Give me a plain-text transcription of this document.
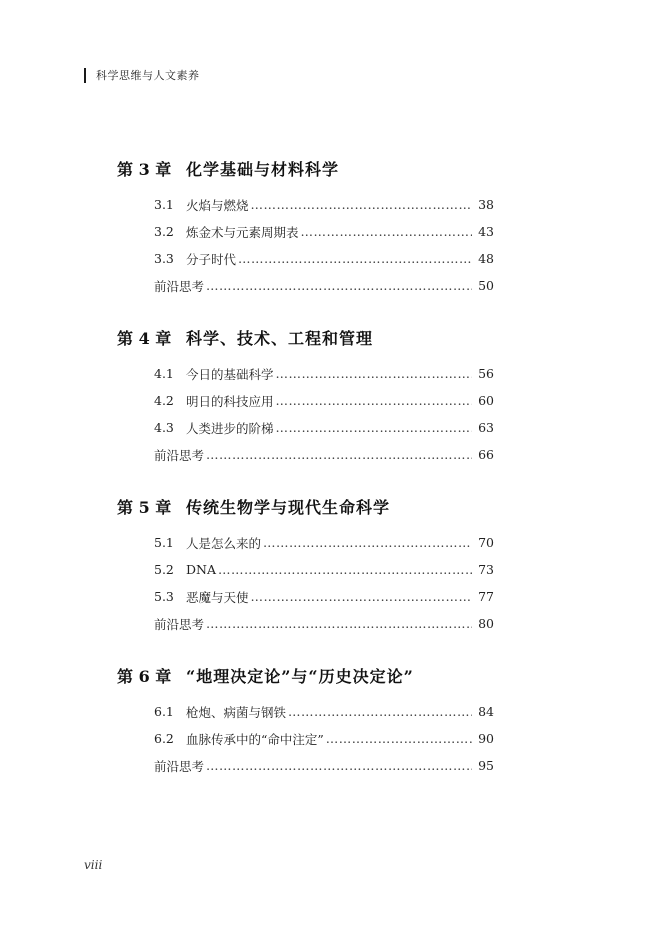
科学思维与人文素养
第 3 章 化学基础与材料科学
3.1 火焰与燃烧 …………………………………………………………………………………………………………………………	38
3.2 炼金术与元素周期表 …………………………………………………………………………………………………………………………	43
3.3 分子时代 …………………………………………………………………………………………………………………………	48
前沿思考 …………………………………………………………………………………………………………………………	50
第 4 章 科学、技术、工程和管理
4.1 今日的基础科学 …………………………………………………………………………………………………………………………	56
4.2 明日的科技应用 …………………………………………………………………………………………………………………………	60
4.3 人类进步的阶梯 …………………………………………………………………………………………………………………………	63
前沿思考 …………………………………………………………………………………………………………………………	66
第 5 章 传统生物学与现代生命科学
5.1 人是怎么来的 …………………………………………………………………………………………………………………………	70
5.2 DNA …………………………………………………………………………………………………………………………	73
5.3 恶魔与天使 …………………………………………………………………………………………………………………………	77
前沿思考 …………………………………………………………………………………………………………………………	80
第 6 章 “地理决定论”与“历史决定论”
6.1 枪炮、病菌与钢铁 …………………………………………………………………………………………………………………………	84
6.2 血脉传承中的“命中注定” …………………………………………………………………………………………………………………………	90
前沿思考 …………………………………………………………………………………………………………………………	95
viii
